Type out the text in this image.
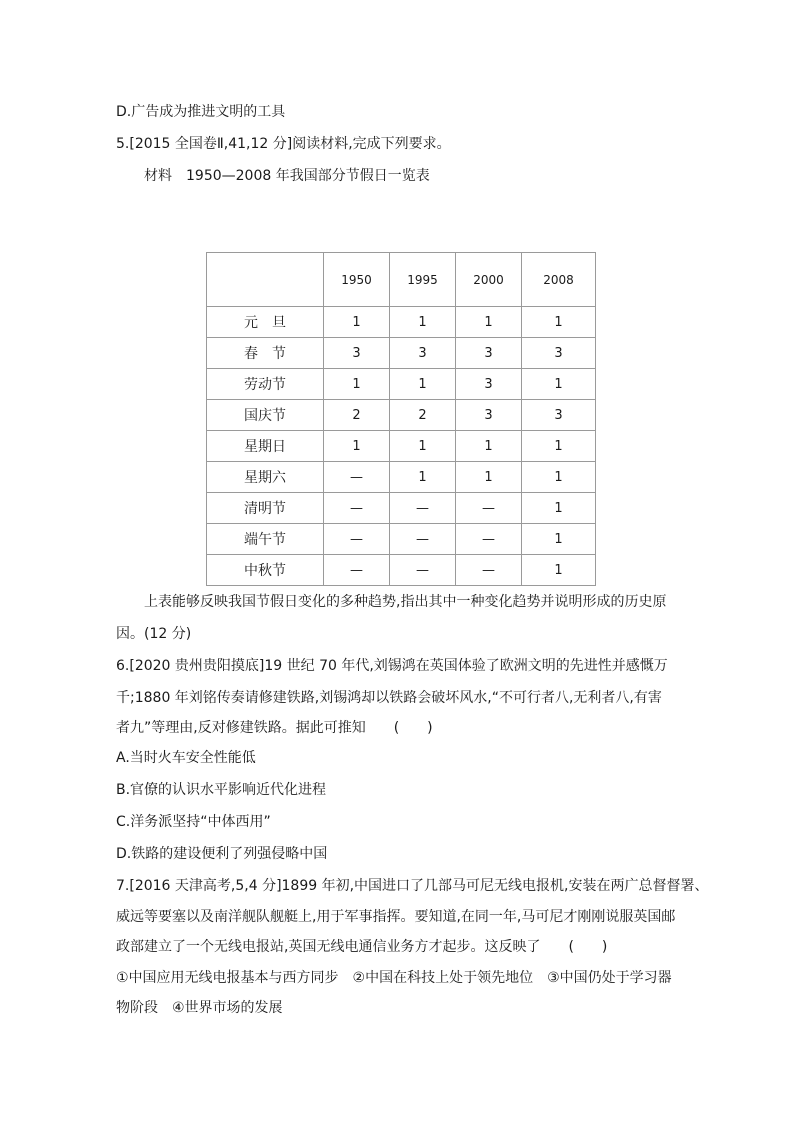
D.广告成为推进文明的工具
5.[2015 全国卷Ⅱ,41,12 分]阅读材料,完成下列要求。
材料　1950—2008 年我国部分节假日一览表
	1950	1995	2000	2008
元　旦	1	1	1	1
春　节	3	3	3	3
劳动节	1	1	3	1
国庆节	2	2	3	3
星期日	1	1	1	1
星期六	—	1	1	1
清明节	—	—	—	1
端午节	—	—	—	1
中秋节	—	—	—	1
上表能够反映我国节假日变化的多种趋势,指出其中一种变化趋势并说明形成的历史原
因。(12 分)
6.[2020 贵州贵阳摸底]19 世纪 70 年代,刘锡鸿在英国体验了欧洲文明的先进性并感慨万
千;1880 年刘铭传奏请修建铁路,刘锡鸿却以铁路会破坏风水,“不可行者八,无利者八,有害
者九”等理由,反对修建铁路。据此可推知　　(　　)
A.当时火车安全性能低
B.官僚的认识水平影响近代化进程
C.洋务派坚持“中体西用”
D.铁路的建设便利了列强侵略中国
7.[2016 天津高考,5,4 分]1899 年初,中国进口了几部马可尼无线电报机,安装在两广总督督署、
威远等要塞以及南洋舰队舰艇上,用于军事指挥。要知道,在同一年,马可尼才刚刚说服英国邮
政部建立了一个无线电报站,英国无线电通信业务方才起步。这反映了　　(　　)
①中国应用无线电报基本与西方同步　②中国在科技上处于领先地位　③中国仍处于学习器
物阶段　④世界市场的发展
